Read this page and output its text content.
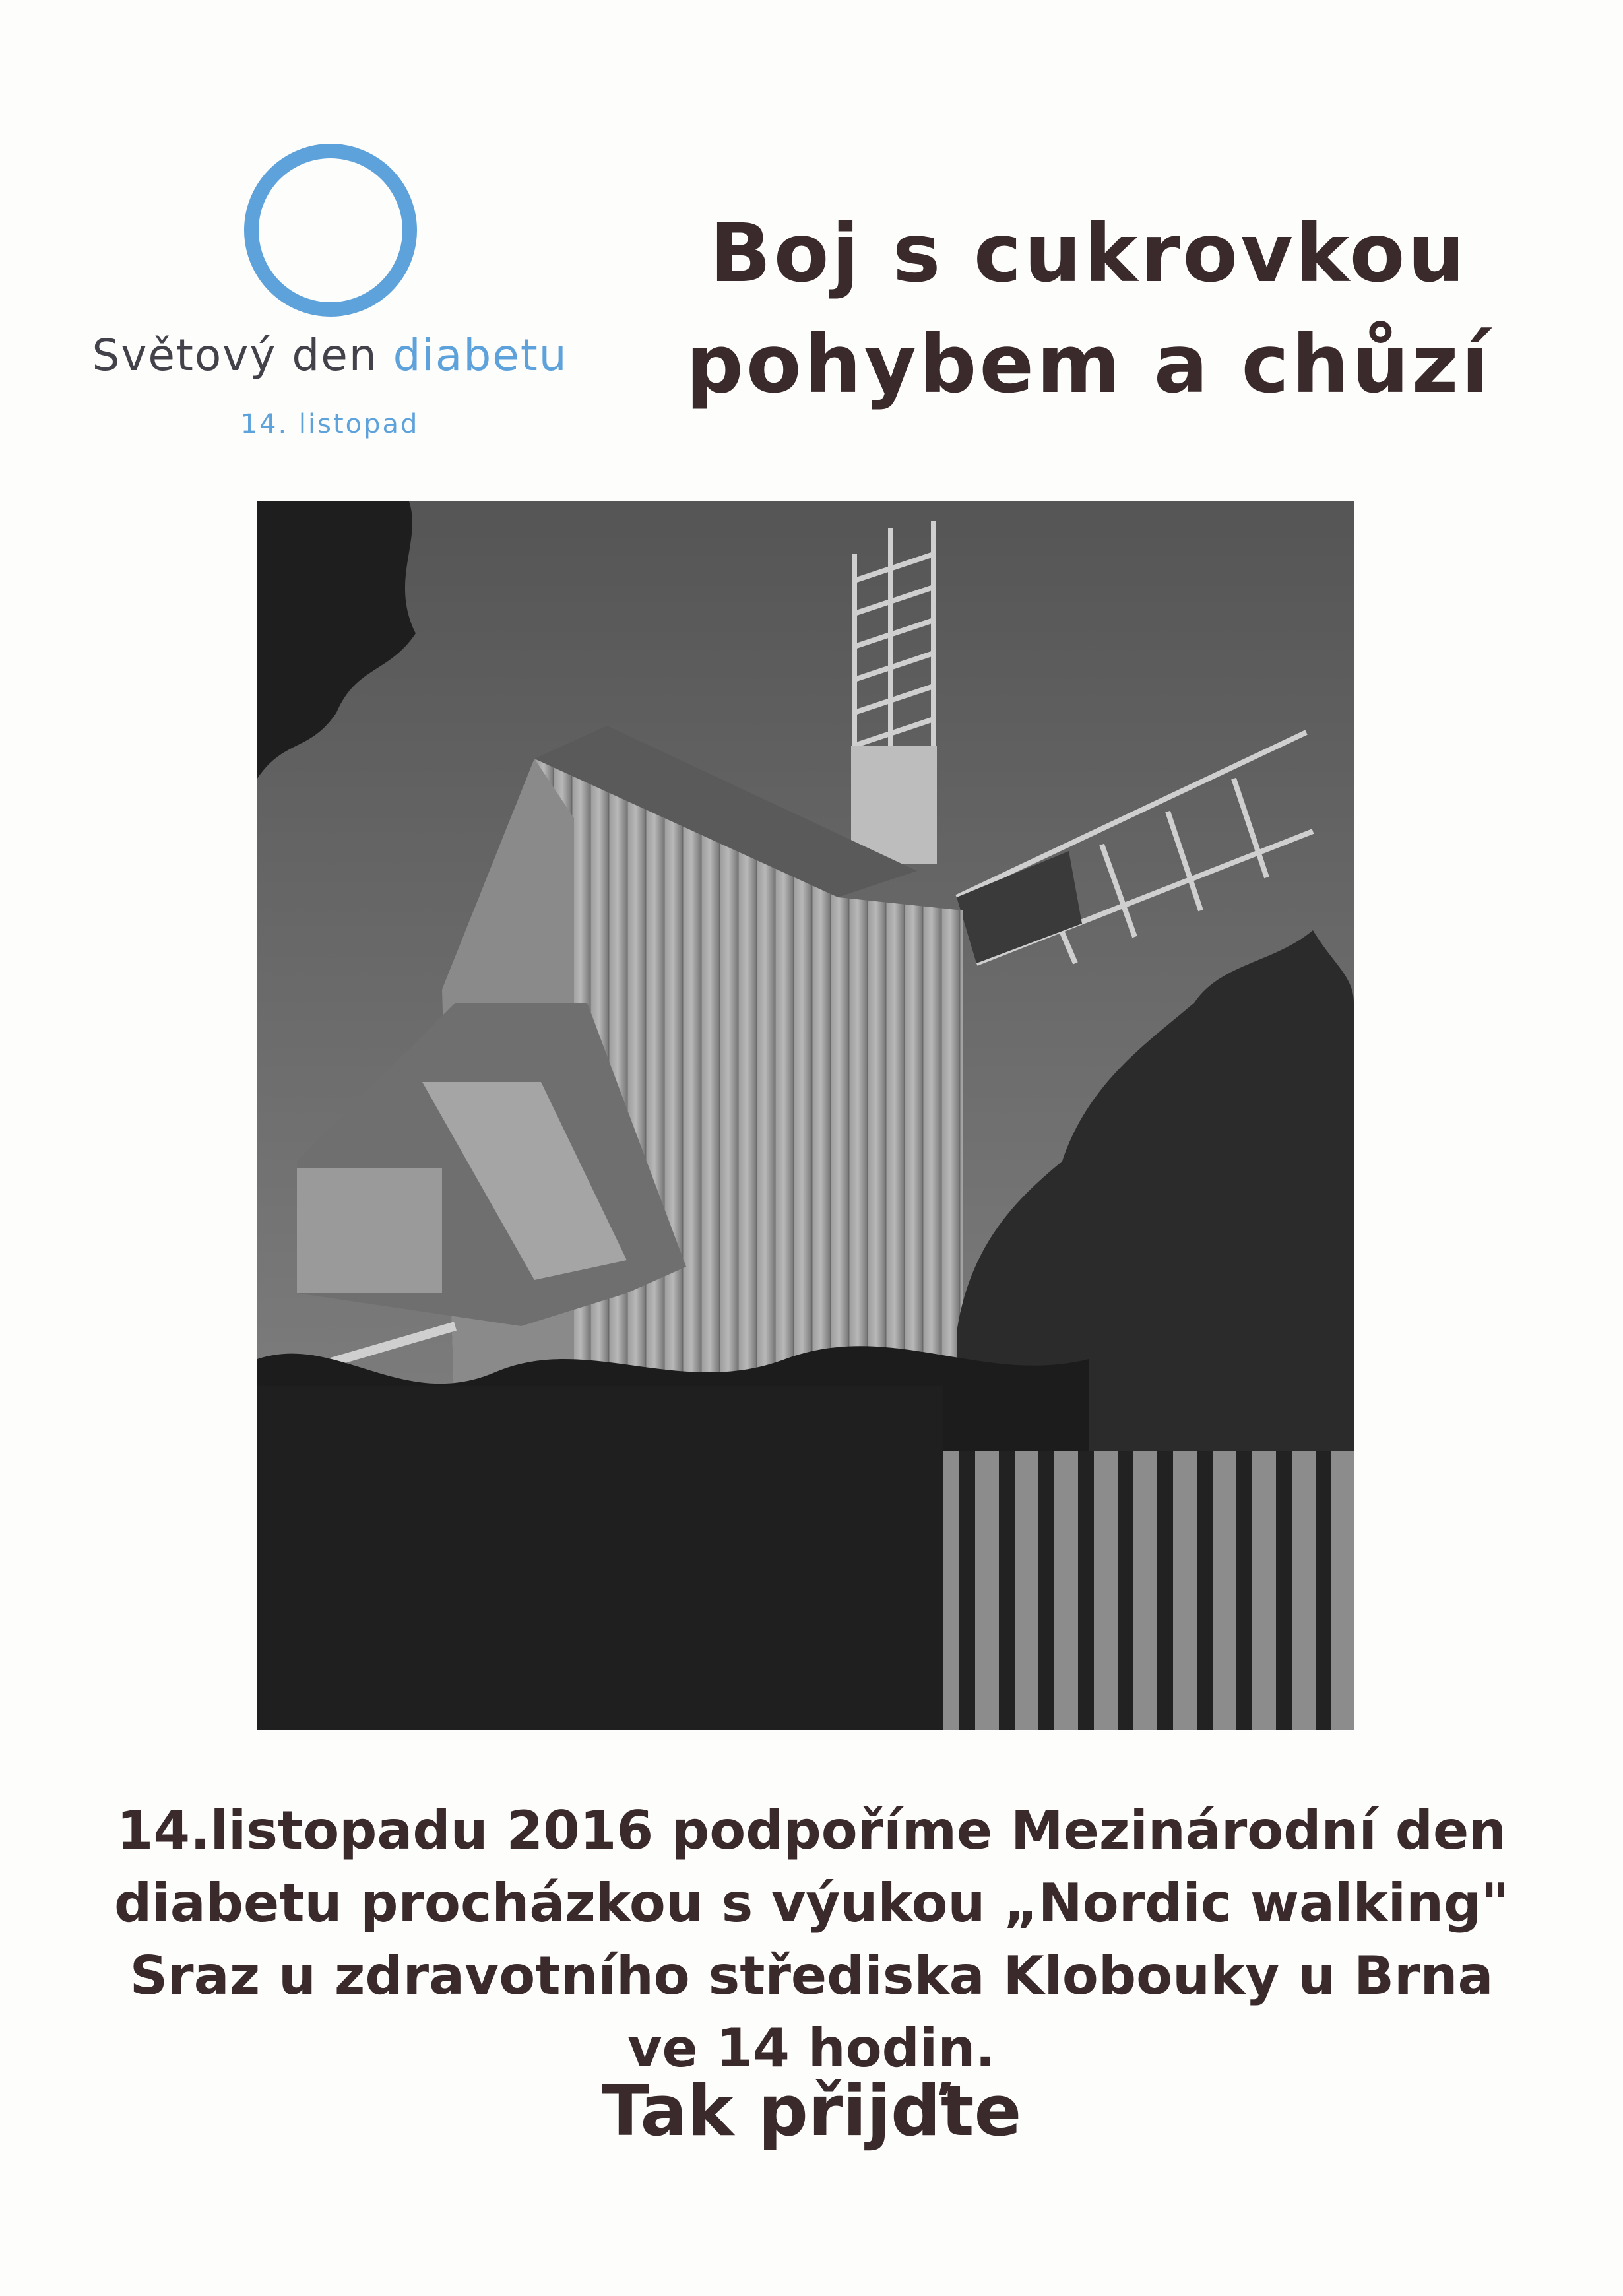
Světový den diabetu
14. listopad
Boj s cukrovkou
pohybem a chůzí
14.listopadu 2016 podpoříme Mezinárodní den
diabetu procházkou s výukou „Nordic walking"
Sraz u zdravotního střediska Klobouky u Brna
ve 14 hodin.
Tak přijďte
